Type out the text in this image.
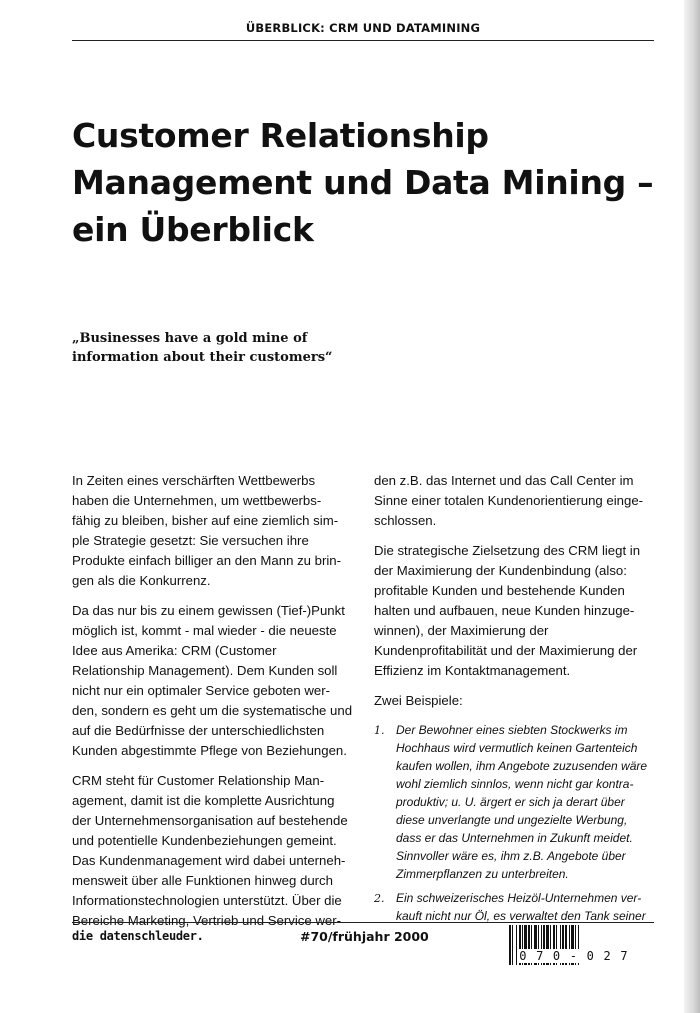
ÜBERBLICK: CRM UND DATAMINING
Customer Relationship
Management und Data Mining –
ein Überblick
„Businesses have a gold mine of
information about their customers“

In Zeiten eines verschärften Wettbewerbs
haben die Unternehmen, um wettbewerbs-
fähig zu bleiben, bisher auf eine ziemlich sim-
ple Strategie gesetzt: Sie versuchen ihre
Produkte einfach billiger an den Mann zu brin-
gen als die Konkurrenz.

Da das nur bis zu einem gewissen (Tief-)Punkt
möglich ist, kommt - mal wieder - die neueste
Idee aus Amerika: CRM (Customer
Relationship Management). Dem Kunden soll
nicht nur ein optimaler Service geboten wer-
den, sondern es geht um die systematische und
auf die Bedürfnisse der unterschiedlichsten
Kunden abgestimmte Pflege von Beziehungen.

CRM steht für Customer Relationship Man-
agement, damit ist die komplette Ausrichtung
der Unternehmensorganisation auf bestehende
und potentielle Kundenbeziehungen gemeint.
Das Kundenmanagement wird dabei unterneh-
mensweit über alle Funktionen hinweg durch
Informationstechnologien unterstützt. Über die
Bereiche Marketing, Vertrieb und Service wer-

den z.B. das Internet und das Call Center im
Sinne einer totalen Kundenorientierung einge-
schlossen.

Die strategische Zielsetzung des CRM liegt in
der Maximierung der Kundenbindung (also:
profitable Kunden und bestehende Kunden
halten und aufbauen, neue Kunden hinzuge-
winnen), der Maximierung der
Kundenprofitabilität und der Maximierung der
Effizienz im Kontaktmanagement.

Zwei Beispiele:

1. Der Bewohner eines siebten Stockwerks im
Hochhaus wird vermutlich keinen Gartenteich
kaufen wollen, ihm Angebote zuzusenden wäre
wohl ziemlich sinnlos, wenn nicht gar kontra-
produktiv; u. U. ärgert er sich ja derart über
diese unverlangte und ungezielte Werbung,
dass er das Unternehmen in Zukunft meidet.
Sinnvoller wäre es, ihm z.B. Angebote über
Zimmerpflanzen zu unterbreiten.
2. Ein schweizerisches Heizöl-Unternehmen ver-
kauft nicht nur Öl, es verwaltet den Tank seiner
die datenschleuder.	#70/frühjahr 2000
0 7 0 - 0 2 7
